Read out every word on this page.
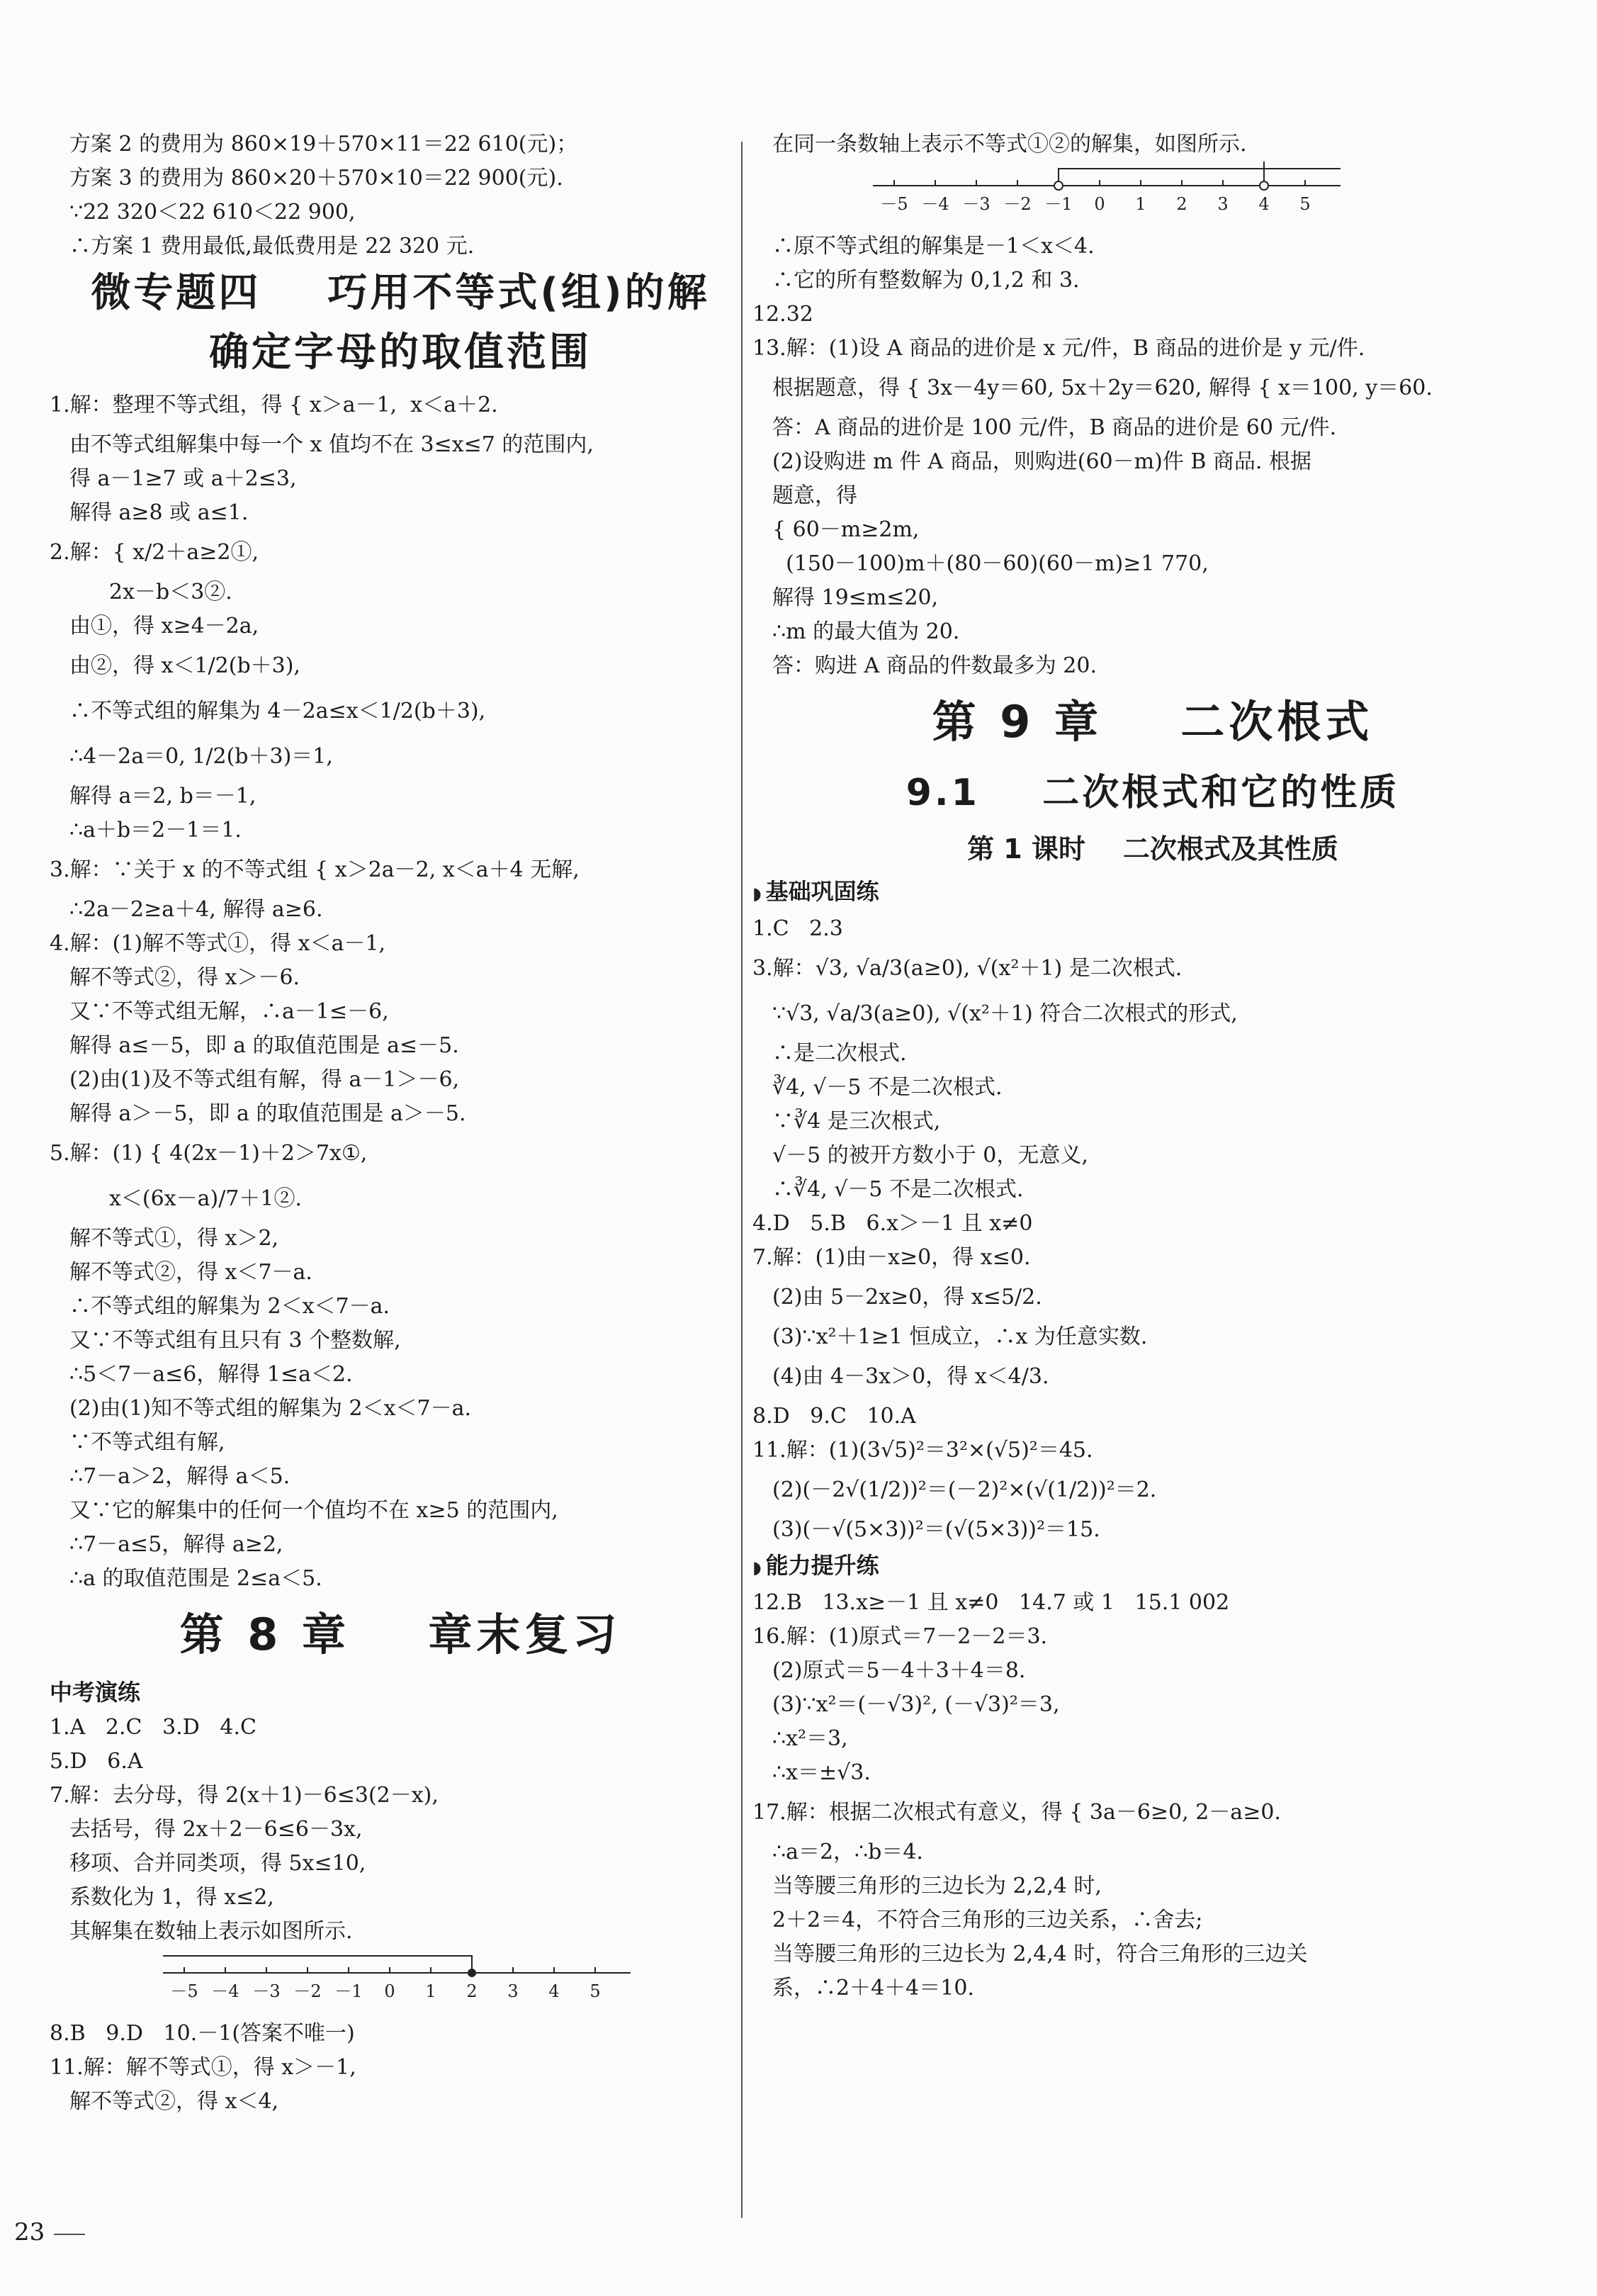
方案 2 的费用为 860×19＋570×11＝22 610(元)；
方案 3 的费用为 860×20＋570×10＝22 900(元).
∵22 320＜22 610＜22 900,
∴方案 1 费用最低,最低费用是 22 320 元.
微专题四    巧用不等式(组)的解
确定字母的取值范围
1.解：整理不等式组，得 { x＞a－1,  x＜a＋2.
由不等式组解集中每一个 x 值均不在 3≤x≤7 的范围内,
得 a－1≥7 或 a＋2≤3,
解得 a≥8 或 a≤1.
2.解：{ x/2＋a≥2①,
2x－b＜3②.
由①，得 x≥4－2a,
由②，得 x＜1/2(b＋3),
∴不等式组的解集为 4－2a≤x＜1/2(b＋3),
∴4－2a＝0, 1/2(b＋3)＝1,
解得 a＝2, b＝－1,
∴a＋b＝2－1＝1.
3.解：∵关于 x 的不等式组 { x＞2a－2, x＜a＋4 无解,
∴2a－2≥a＋4, 解得 a≥6.
4.解：(1)解不等式①，得 x＜a－1,
解不等式②，得 x＞－6.
又∵不等式组无解，∴a－1≤－6,
解得 a≤－5，即 a 的取值范围是 a≤－5.
(2)由(1)及不等式组有解，得 a－1＞－6,
解得 a＞－5，即 a 的取值范围是 a＞－5.
5.解：(1) { 4(2x－1)＋2＞7x①,
x＜(6x－a)/7＋1②.
解不等式①，得 x＞2,
解不等式②，得 x＜7－a.
∴不等式组的解集为 2＜x＜7－a.
又∵不等式组有且只有 3 个整数解,
∴5＜7－a≤6，解得 1≤a＜2.
(2)由(1)知不等式组的解集为 2＜x＜7－a.
∵不等式组有解,
∴7－a＞2，解得 a＜5.
又∵它的解集中的任何一个值均不在 x≥5 的范围内,
∴7－a≤5，解得 a≥2,
∴a 的取值范围是 2≤a＜5.
第 8 章    章末复习
中考演练
1.A   2.C   3.D   4.C
5.D   6.A
7.解：去分母，得 2(x＋1)－6≤3(2－x),
去括号，得 2x＋2－6≤6－3x,
移项、合并同类项，得 5x≤10,
系数化为 1，得 x≤2,
其解集在数轴上表示如图所示.
－5 －4 －3 －2 －1 0 1 2 3 4 5
8.B   9.D   10.－1(答案不唯一)
11.解：解不等式①，得 x＞－1,
解不等式②，得 x＜4,
在同一条数轴上表示不等式①②的解集，如图所示.
－5 －4 －3 －2 －1 0 1 2 3 4 5
∴原不等式组的解集是－1＜x＜4.
∴它的所有整数解为 0,1,2 和 3.
12.32
13.解：(1)设 A 商品的进价是 x 元/件，B 商品的进价是 y 元/件.
根据题意，得 { 3x－4y＝60, 5x＋2y＝620, 解得 { x＝100, y＝60.
答：A 商品的进价是 100 元/件，B 商品的进价是 60 元/件.
(2)设购进 m 件 A 商品，则购进(60－m)件 B 商品. 根据
题意，得
{ 60－m≥2m,
(150－100)m＋(80－60)(60－m)≥1 770,
解得 19≤m≤20,
∴m 的最大值为 20.
答：购进 A 商品的件数最多为 20.
第 9 章    二次根式
9.1    二次根式和它的性质
第 1 课时    二次根式及其性质
◗ 基础巩固练
1.C   2.3
3.解：√3, √a/3(a≥0), √(x²＋1) 是二次根式.
∵√3, √a/3(a≥0), √(x²＋1) 符合二次根式的形式,
∴是二次根式.
∛4, √－5 不是二次根式.
∵∛4 是三次根式,
√－5 的被开方数小于 0，无意义,
∴∛4, √－5 不是二次根式.
4.D   5.B   6.x＞－1 且 x≠0
7.解：(1)由－x≥0，得 x≤0.
(2)由 5－2x≥0，得 x≤5/2.
(3)∵x²＋1≥1 恒成立，∴x 为任意实数.
(4)由 4－3x＞0，得 x＜4/3.
8.D   9.C   10.A
11.解：(1)(3√5)²＝3²×(√5)²＝45.
(2)(－2√(1/2))²＝(－2)²×(√(1/2))²＝2.
(3)(－√(5×3))²＝(√(5×3))²＝15.
◗ 能力提升练
12.B   13.x≥－1 且 x≠0   14.7 或 1   15.1 002
16.解：(1)原式＝7－2－2＝3.
(2)原式＝5－4＋3＋4＝8.
(3)∵x²＝(－√3)², (－√3)²＝3,
∴x²＝3,
∴x＝±√3.
17.解：根据二次根式有意义，得 { 3a－6≥0, 2－a≥0.
∴a＝2，∴b＝4.
当等腰三角形的三边长为 2,2,4 时,
2＋2＝4，不符合三角形的三边关系，∴舍去;
当等腰三角形的三边长为 2,4,4 时，符合三角形的三边关
系，∴2＋4＋4＝10.
23
